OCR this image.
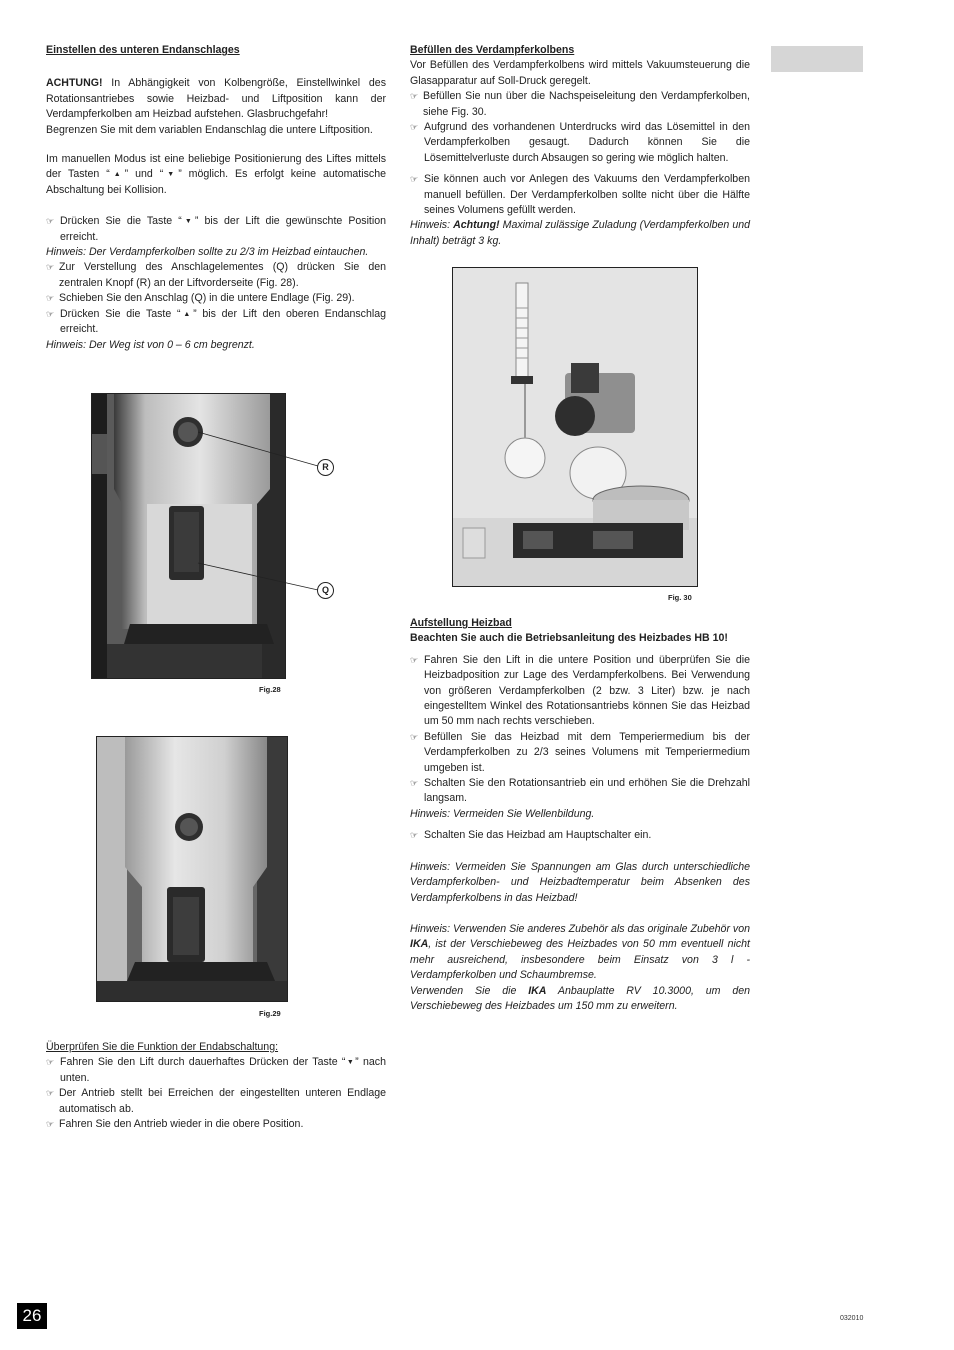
Einstellen des unteren Endanschlages

ACHTUNG! In Abhängigkeit von Kolbengröße, Einstellwinkel des Rotationsantriebes sowie Heizbad- und Liftposition kann der Verdampferkolben am Heizbad aufstehen. Glasbruchgefahr!

Begrenzen Sie mit dem variablen Endanschlag die untere Liftposition.

Im manuellen Modus ist eine beliebige Positionierung des Liftes mittels der Tasten “▲” und “▼” möglich. Es erfolgt keine automatische Abschaltung bei Kollision.

☞ Drücken Sie die Taste “▼” bis der Lift die gewünschte Position erreicht.

Hinweis: Der Verdampferkolben sollte zu 2/3 im Heizbad eintauchen.

☞ Zur Verstellung des Anschlagelementes (Q) drücken Sie den zentralen Knopf (R) an der Liftvorderseite (Fig. 28).

☞ Schieben Sie den Anschlag (Q) in die untere Endlage (Fig. 29).

☞ Drücken Sie die Taste “▲” bis der Lift den oberen Endanschlag erreicht.

Hinweis: Der Weg ist von 0 – 6 cm begrenzt.

R
Q
Fig.28
Fig.29

Überprüfen Sie die Funktion der Endabschaltung:

☞ Fahren Sie den Lift durch dauerhaftes Drücken der Taste “▼” nach unten.

☞ Der Antrieb stellt bei Erreichen der eingestellten unteren Endlage automatisch ab.

☞ Fahren Sie den Antrieb wieder in die obere Position.

Befüllen des Verdampferkolbens

Vor Befüllen des Verdampferkolbens wird mittels Vakuumsteuerung die Glasapparatur auf Soll-Druck geregelt.

☞ Befüllen Sie nun über die Nachspeiseleitung den Verdampferkolben, siehe Fig. 30.

☞ Aufgrund des vorhandenen Unterdrucks wird das Lösemittel in den Verdampferkolben gesaugt. Dadurch können Sie die Lösemittelverluste durch Absaugen so gering wie möglich halten.

☞ Sie können auch vor Anlegen des Vakuums den Verdampferkolben manuell befüllen. Der Verdampferkolben sollte nicht über die Hälfte seines Volumens gefüllt werden.

Hinweis: Achtung! Maximal zulässige Zuladung (Verdampferkolben und Inhalt) beträgt 3 kg.

Fig. 30

Aufstellung Heizbad

Beachten Sie auch die Betriebsanleitung des Heizbades HB 10!

☞ Fahren Sie den Lift in die untere Position und überprüfen Sie die Heizbadposition zur Lage des Verdampferkolbens. Bei Verwendung von größeren Verdampferkolben (2 bzw. 3 Liter) bzw. je nach eingestelltem Winkel des Rotationsantriebs können Sie das Heizbad um 50 mm nach rechts verschieben.

☞ Befüllen Sie das Heizbad mit dem Temperiermedium bis der Verdampferkolben zu 2/3 seines Volumens mit Temperiermedium umgeben ist.

☞ Schalten Sie den Rotationsantrieb ein und erhöhen Sie die Drehzahl langsam.

Hinweis: Vermeiden Sie Wellenbildung.

☞ Schalten Sie das Heizbad am Hauptschalter ein.

Hinweis: Vermeiden Sie Spannungen am Glas durch unterschiedliche Verdampferkolben- und Heizbadtemperatur beim Absenken des Verdampferkolbens in das Heizbad!

Hinweis: Verwenden Sie anderes Zubehör als das originale Zubehör von IKA, ist der Verschiebeweg des Heizbades von 50 mm eventuell nicht mehr ausreichend, insbesondere beim Einsatz von 3 l - Verdampferkolben und Schaumbremse.

Verwenden Sie die IKA Anbauplatte RV 10.3000, um den Verschiebeweg des Heizbades um 150 mm zu erweitern.

26	032010
